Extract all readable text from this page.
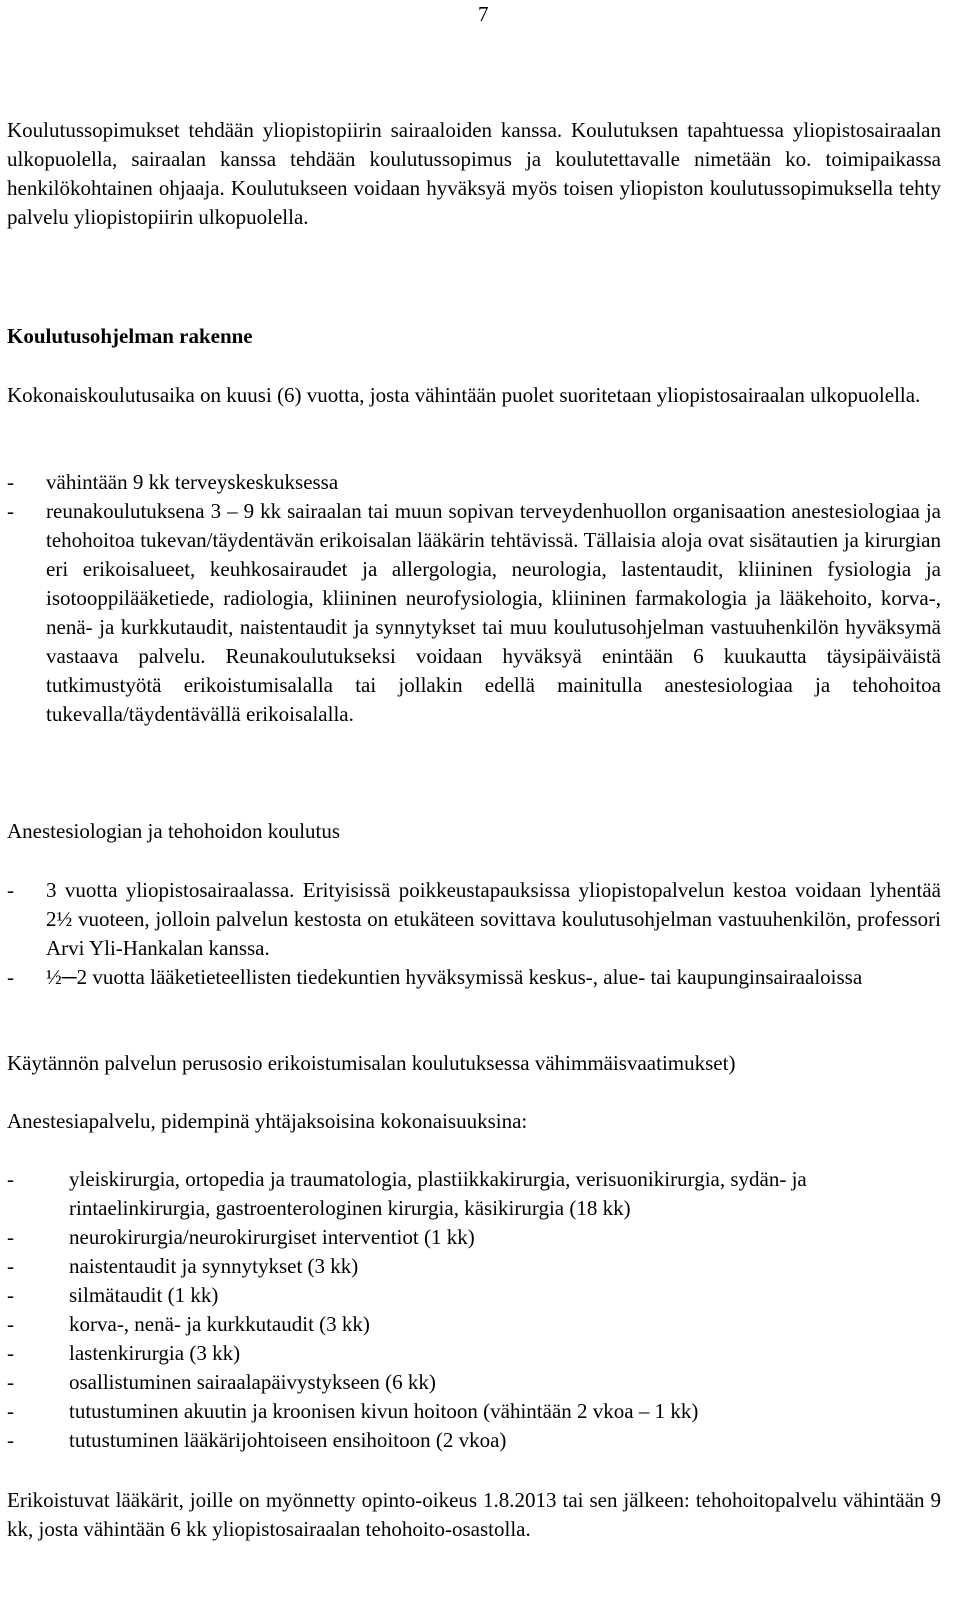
7

Koulutussopimukset tehdään yliopistopiirin sairaaloiden kanssa. Koulutuksen tapahtuessa yliopistosairaalan ulkopuolella, sairaalan kanssa tehdään koulutussopimus ja koulutettavalle nimetään ko. toimipaikassa henkilökohtainen ohjaaja. Koulutukseen voidaan hyväksyä myös toisen yliopiston koulutussopimuksella tehty palvelu yliopistopiirin ulkopuolella.

Koulutusohjelman rakenne

Kokonaiskoulutusaika on kuusi (6) vuotta, josta vähintään puolet suoritetaan yliopistosairaalan ulkopuolella.

- vähintään 9 kk terveyskeskuksessa
- reunakoulutuksena 3 – 9 kk sairaalan tai muun sopivan terveydenhuollon organisaation anestesiologiaa ja tehohoitoa tukevan/täydentävän erikoisalan lääkärin tehtävissä. Tällaisia aloja ovat sisätautien ja kirurgian eri erikoisalueet, keuhkosairaudet ja allergologia, neurologia, lastentaudit, kliininen fysiologia ja isotooppilääketiede, radiologia, kliininen neurofysiologia, kliininen farmakologia ja lääkehoito, korva-, nenä- ja kurkkutaudit, naistentaudit ja synnytykset tai muu koulutusohjelman vastuuhenkilön hyväksymä vastaava palvelu. Reunakoulutukseksi voidaan hyväksyä enintään 6 kuukautta täysipäiväistä tutkimustyötä erikoistumisalalla tai jollakin edellä mainitulla anestesiologiaa ja tehohoitoa tukevalla/täydentävällä erikoisalalla.

Anestesiologian ja tehohoidon koulutus

- 3 vuotta yliopistosairaalassa. Erityisissä poikkeustapauksissa yliopistopalvelun kestoa voidaan lyhentää 2½ vuoteen, jolloin palvelun kestosta on etukäteen sovittava koulutusohjelman vastuuhenkilön, professori Arvi Yli-Hankalan kanssa.
- ½─2 vuotta lääketieteellisten tiedekuntien hyväksymissä keskus-, alue- tai kaupunginsairaaloissa

Käytännön palvelun perusosio erikoistumisalan koulutuksessa vähimmäisvaatimukset)

Anestesiapalvelu, pidempinä yhtäjaksoisina kokonaisuuksina:

-	yleiskirurgia, ortopedia ja traumatologia, plastiikkakirurgia, verisuonikirurgia, sydän- ja rintaelinkirurgia, gastroenterologinen kirurgia, käsikirurgia (18 kk)
-	neurokirurgia/neurokirurgiset interventiot (1 kk)
-	naistentaudit ja synnytykset (3 kk)
-	silmätaudit (1 kk)
-	korva-, nenä- ja kurkkutaudit (3 kk)
-	lastenkirurgia (3 kk)
-	osallistuminen sairaalapäivystykseen (6 kk)
-	tutustuminen akuutin ja kroonisen kivun hoitoon (vähintään 2 vkoa – 1 kk)
-	tutustuminen lääkärijohtoiseen ensihoitoon (2 vkoa)

Erikoistuvat lääkärit, joille on myönnetty opinto-oikeus 1.8.2013 tai sen jälkeen: tehohoitopalvelu vähintään 9 kk, josta vähintään 6 kk yliopistosairaalan tehohoito-osastolla.
